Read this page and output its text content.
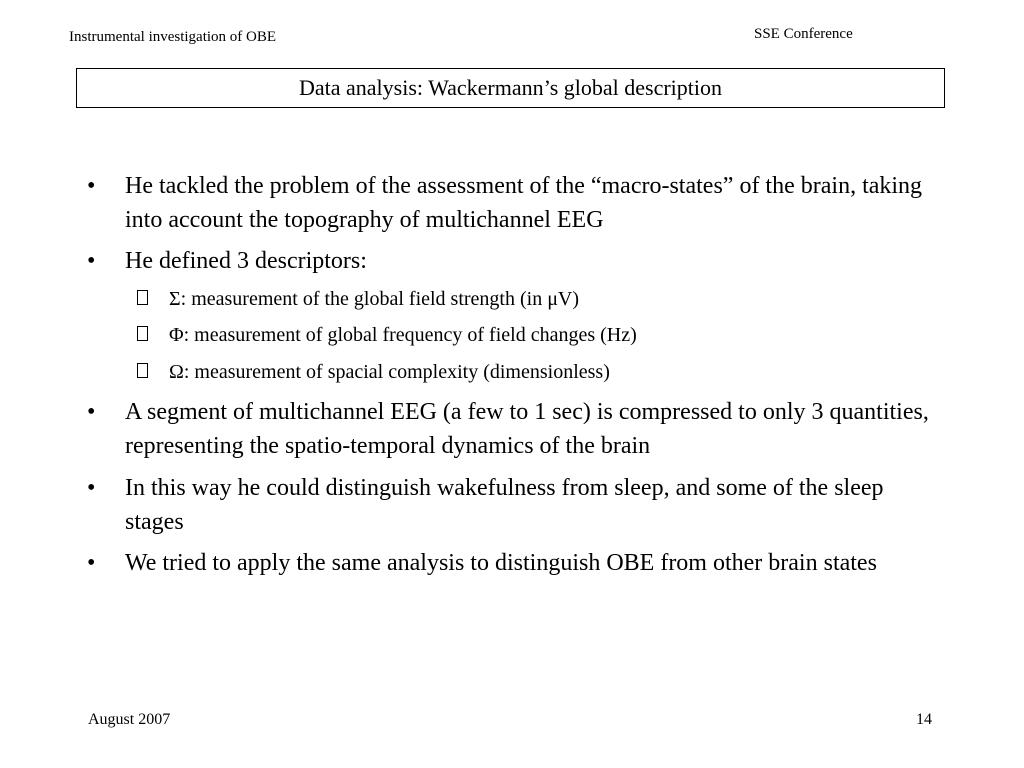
Instrumental investigation of OBE	SSE Conference
Data analysis: Wackermann’s global description
•	He tackled the problem of the assessment of the “macro-states” of the brain, taking into account the topography of multichannel EEG
•	He defined 3 descriptors:
Σ: measurement of the global field strength (in μV)
Φ: measurement of global frequency of field changes (Hz)
Ω: measurement of spacial complexity (dimensionless)
•	A segment of multichannel EEG (a few to 1 sec) is compressed to only 3 quantities, representing the spatio-temporal dynamics of the brain
•	In this way he could distinguish wakefulness from sleep, and some of the sleep stages
•	We tried to apply the same analysis to distinguish OBE from other brain states
August 2007	14
